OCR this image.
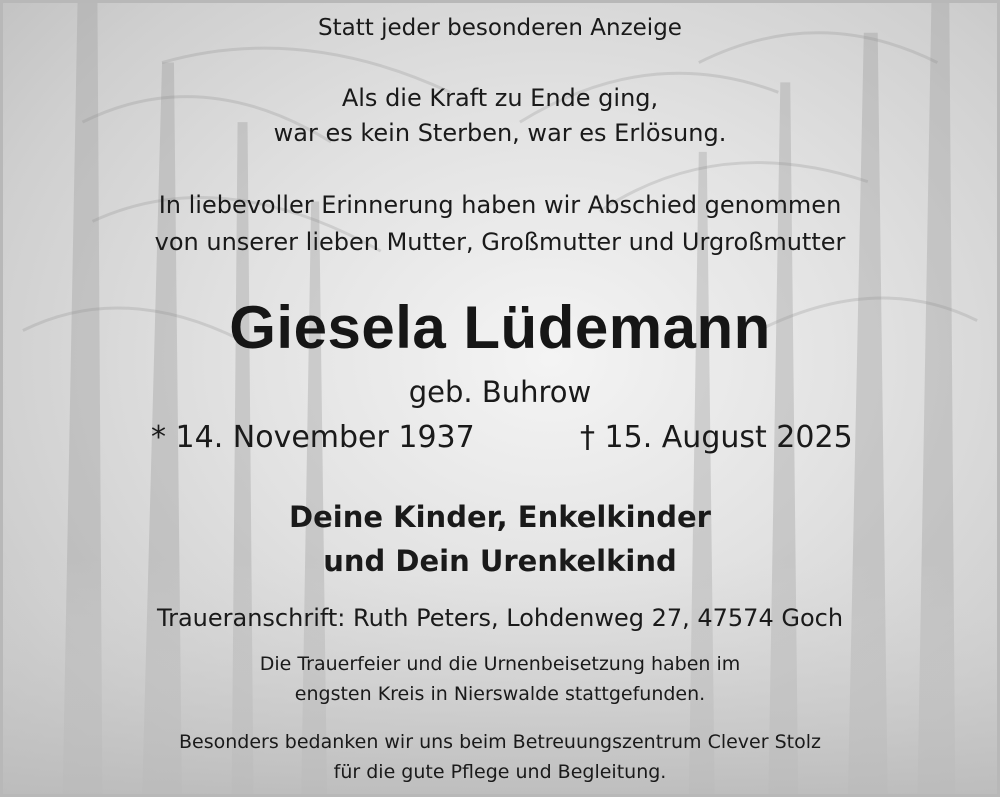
Statt jeder besonderen Anzeige
Als die Kraft zu Ende ging,
war es kein Sterben, war es Erlösung.
In liebevoller Erinnerung haben wir Abschied genommen
von unserer lieben Mutter, Großmutter und Urgroßmutter
Giesela Lüdemann
geb. Buhrow
* 14. November 1937	† 15. August 2025
Deine Kinder, Enkelkinder
und Dein Urenkelkind
Traueranschrift: Ruth Peters, Lohdenweg 27, 47574 Goch
Die Trauerfeier und die Urnenbeisetzung haben im
engsten Kreis in Nierswalde stattgefunden.
Besonders bedanken wir uns beim Betreuungszentrum Clever Stolz
für die gute Pflege und Begleitung.
